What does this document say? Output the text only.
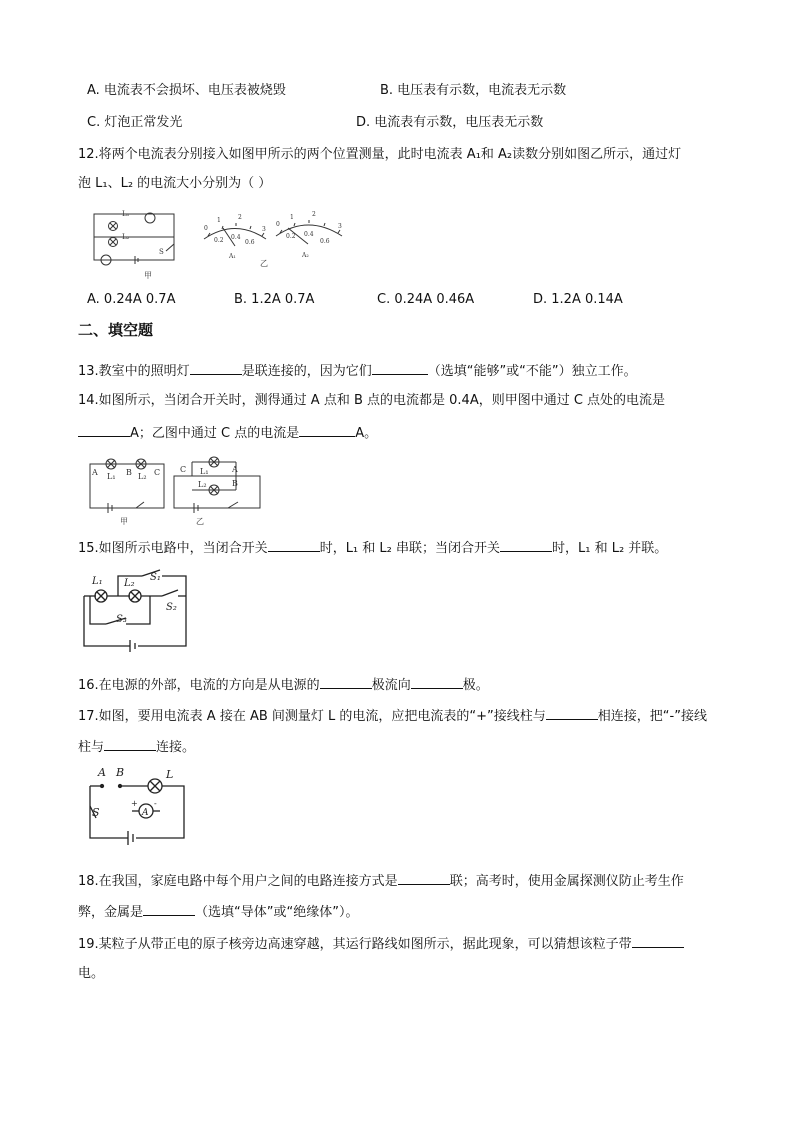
A. 电流表不会损坏、电压表被烧毁	B. 电压表有示数，电流表无示数
C. 灯泡正常发光	D. 电流表有示数，电压表无示数
12.将两个电流表分别接入如图甲所示的两个位置测量，此时电流表 A₁和 A₂读数分别如图乙所示，通过灯
泡 L₁、L₂ 的电流大小分别为（ ）
L₁
L₂
S
甲
0
1	2
3
0.2 0.4
0.6
A₁
乙
0
1	2
3
0.2 0.4
0.6
A₂
A. 0.24A 0.7A	B. 1.2A 0.7A	C. 0.24A 0.46A	D. 1.2A 0.14A
二、填空题
13.教室中的照明灯	是联连接的，因为它们	（选填“能够”或“不能”）独立工作。
14.如图所示，当闭合开关时，测得通过 A 点和 B 点的电流都是 0.4A，则甲图中通过 C 点处的电流是
A；乙图中通过 C 点的电流是	A。
A L₁ B L₂ C
甲
C L₁	A
L₂	B
乙
15.如图所示电路中，当闭合开关	时，L₁ 和 L₂ 串联；当闭合开关	时，L₁ 和 L₂ 并联。
L₁ L₂
S₁
S₂
S₃
16.在电源的外部，电流的方向是从电源的	极流向	极。
17.如图，要用电流表 A 接在 AB 间测量灯 L 的电流，应把电流表的“+”接线柱与	相连接，把“-”接线
柱与	连接。
A B	L
S	A
+ -
18.在我国，家庭电路中每个用户之间的电路连接方式是	联；高考时，使用金属探测仪防止考生作
弊，金属是	（选填“导体”或“绝缘体”）。
19.某粒子从带正电的原子核旁边高速穿越，其运行路线如图所示，据此现象，可以猜想该粒子带
电。
